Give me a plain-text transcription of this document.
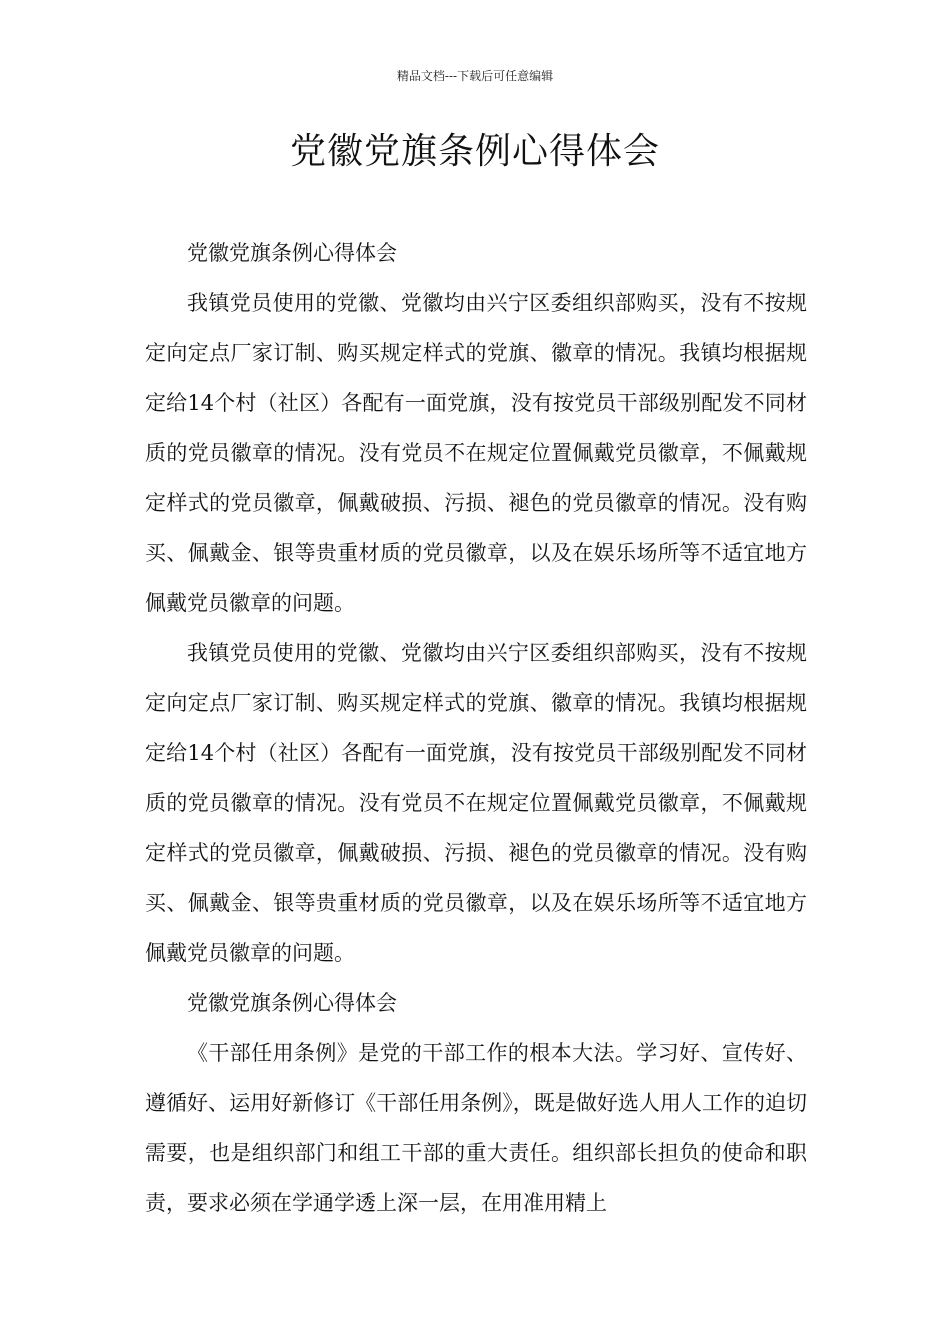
精品文档---下载后可任意编辑
党徽党旗条例心得体会

党徽党旗条例心得体会

我镇党员使用的党徽、党徽均由兴宁区委组织部购买，没有不按规定向定点厂家订制、购买规定样式的党旗、徽章的情况。我镇均根据规定给14个村（社区）各配有一面党旗，没有按党员干部级别配发不同材质的党员徽章的情况。没有党员不在规定位置佩戴党员徽章，不佩戴规定样式的党员徽章，佩戴破损、污损、褪色的党员徽章的情况。没有购买、佩戴金、银等贵重材质的党员徽章，以及在娱乐场所等不适宜地方佩戴党员徽章的问题。

我镇党员使用的党徽、党徽均由兴宁区委组织部购买，没有不按规定向定点厂家订制、购买规定样式的党旗、徽章的情况。我镇均根据规定给14个村（社区）各配有一面党旗，没有按党员干部级别配发不同材质的党员徽章的情况。没有党员不在规定位置佩戴党员徽章，不佩戴规定样式的党员徽章，佩戴破损、污损、褪色的党员徽章的情况。没有购买、佩戴金、银等贵重材质的党员徽章，以及在娱乐场所等不适宜地方佩戴党员徽章的问题。

党徽党旗条例心得体会

《干部任用条例》是党的干部工作的根本大法。学习好、宣传好、遵循好、运用好新修订《干部任用条例》，既是做好选人用人工作的迫切需要，也是组织部门和组工干部的重大责任。组织部长担负的使命和职责，要求必须在学通学透上深一层，在用准用精上
